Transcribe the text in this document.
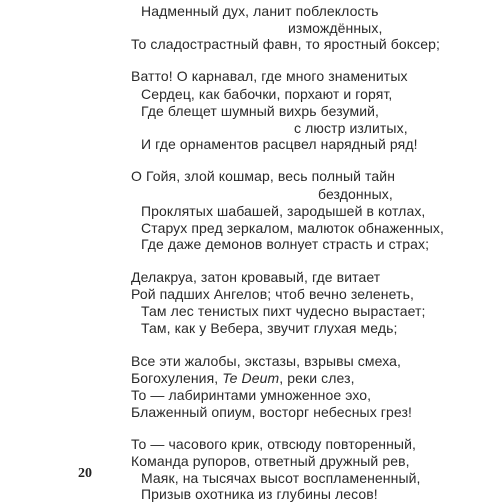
Надменный дух, ланит поблеклость
измождённых,
То сладострастный фавн, то яростный боксер;
Ватто! О карнавал, где много знаменитых
Сердец, как бабочки, порхают и горят,
Где блещет шумный вихрь безумий,
с люстр излитых,
И где орнаментов расцвел нарядный ряд!
О Гойя, злой кошмар, весь полный тайн
бездонных,
Проклятых шабашей, зародышей в котлах,
Старух пред зеркалом, малюток обнаженных,
Где даже демонов волнует страсть и страх;
Делакруа, затон кровавый, где витает
Рой падших Ангелов; чтоб вечно зеленеть,
Там лес тенистых пихт чудесно вырастает;
Там, как у Вебера, звучит глухая медь;
Все эти жалобы, экстазы, взрывы смеха,
Богохуления, Te Deum, реки слез,
То — лабиринтами умноженное эхо,
Блаженный опиум, восторг небесных грез!
То — часового крик, отвсюду повторенный,
Команда рупоров, ответный дружный рев,
Маяк, на тысячах высот воспламененный,
Призыв охотника из глубины лесов!
20
